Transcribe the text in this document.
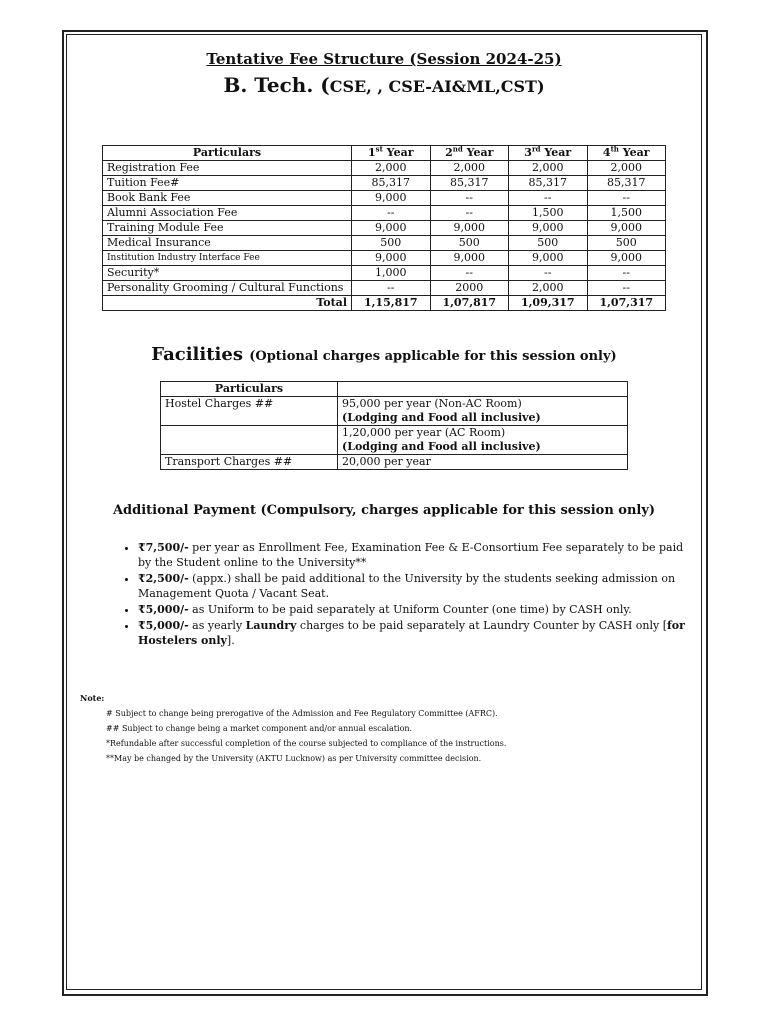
Tentative Fee Structure (Session 2024-25)
B. Tech. (CSE, , CSE-AI&ML,CST)
Particulars	1st Year	2nd Year	3rd Year	4th Year
Registration Fee	2,000	2,000	2,000	2,000
Tuition Fee#	85,317	85,317	85,317	85,317
Book Bank Fee	9,000	--	--	--
Alumni Association Fee	--	--	1,500	1,500
Training Module Fee	9,000	9,000	9,000	9,000
Medical Insurance	500	500	500	500
Institution Industry Interface Fee	9,000	9,000	9,000	9,000
Security*	1,000	--	--	--
Personality Grooming / Cultural Functions	--	2000	2,000	--
Total	1,15,817	1,07,817	1,09,317	1,07,317
Facilities (Optional charges applicable for this session only)
Particulars	
Hostel Charges ##	95,000 per year (Non-AC Room)
(Lodging and Food all inclusive)

	1,20,000 per year (AC Room)
(Lodging and Food all inclusive)

Transport Charges ##	20,000 per year
Additional Payment (Compulsory, charges applicable for this session only)
• ₹7,500/- per year as Enrollment Fee, Examination Fee & E-Consortium Fee separately to be paid by the Student online to the University**
• ₹2,500/- (appx.) shall be paid additional to the University by the students seeking admission on Management Quota / Vacant Seat.
• ₹5,000/- as Uniform to be paid separately at Uniform Counter (one time) by CASH only.
• ₹5,000/- as yearly Laundry charges to be paid separately at Laundry Counter by CASH only [for Hostelers only].
Note:
# Subject to change being prerogative of the Admission and Fee Regulatory Committee (AFRC).
## Subject to change being a market component and/or annual escalation.
*Refundable after successful completion of the course subjected to compliance of the instructions.
**May be changed by the University (AKTU Lucknow) as per University committee decision.
